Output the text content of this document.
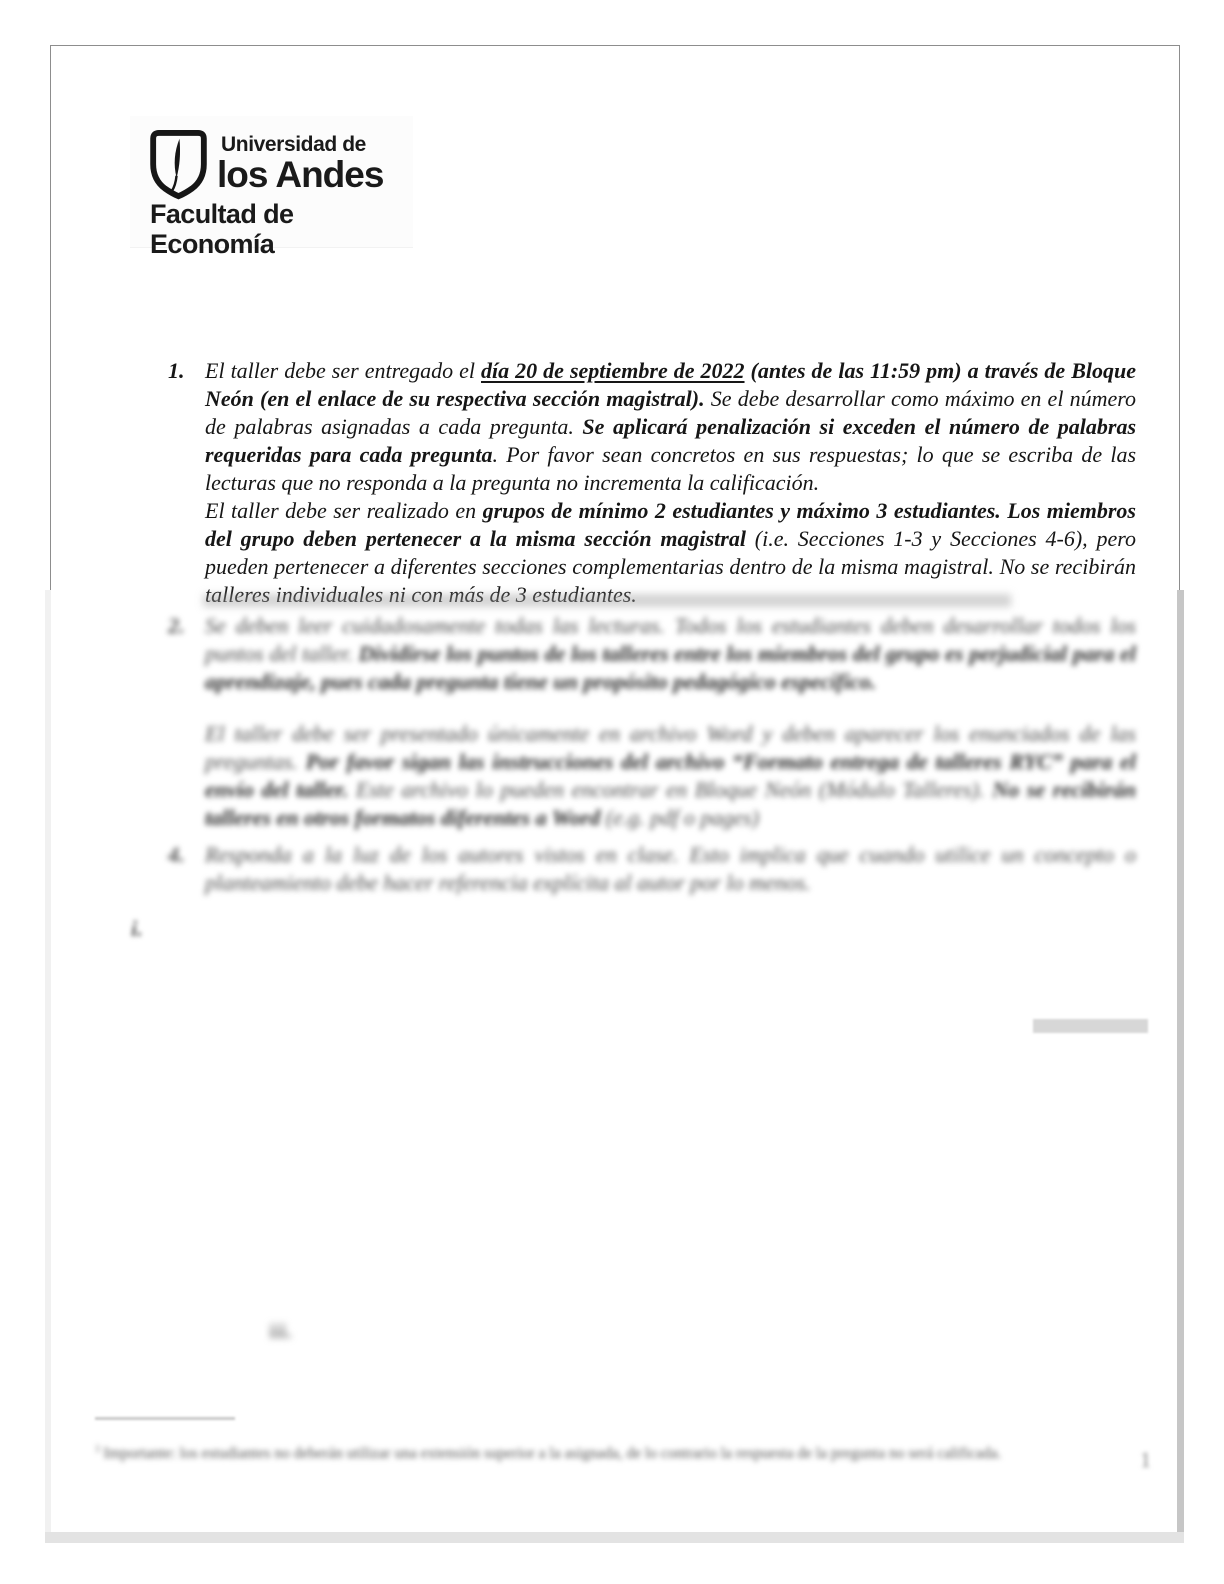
Universidad de
los Andes
Facultad de Economía
1. El taller debe ser entregado el día 20 de septiembre de 2022 (antes de las 11:59 pm) a través de Bloque Neón (en el enlace de su respectiva sección magistral). Se debe desarrollar como máximo en el número de palabras asignadas a cada pregunta. Se aplicará penalización si exceden el número de palabras requeridas para cada pregunta. Por favor sean concretos en sus respuestas; lo que se escriba de las lecturas que no responda a la pregunta no incrementa la calificación.

El taller debe ser realizado en grupos de mínimo 2 estudiantes y máximo 3 estudiantes. Los miembros del grupo deben pertenecer a la misma sección magistral (i.e. Secciones 1-3 y Secciones 4-6), pero pueden pertenecer a diferentes secciones complementarias dentro de la misma magistral. No se recibirán talleres individuales ni con más de 3 estudiantes.

2. Se deben leer cuidadosamente todas las lecturas. Todos los estudiantes deben desarrollar todos los puntos del taller. Dividirse los puntos de los talleres entre los miembros del grupo es perjudicial para el aprendizaje, pues cada pregunta tiene un propósito pedagógico específico.

El taller debe ser presentado únicamente en archivo Word y deben aparecer los enunciados de las preguntas. Por favor sigan las instrucciones del archivo “Formato entrega de talleres RYC” para el envío del taller. Este archivo lo pueden encontrar en Bloque Neón (Módulo Talleres). No se recibirán talleres en otros formatos diferentes a Word (e.g. pdf o pages)

4. Responda a la luz de los autores vistos en clase. Esto implica que cuando utilice un concepto o planteamiento debe hacer referencia explícita al autor por lo menos.

i.
iii.
$^1$ Importante: los estudiantes no deberán utilizar una extensión superior a la asignada, de lo contrario la respuesta de la pregunta no será calificada.	1
